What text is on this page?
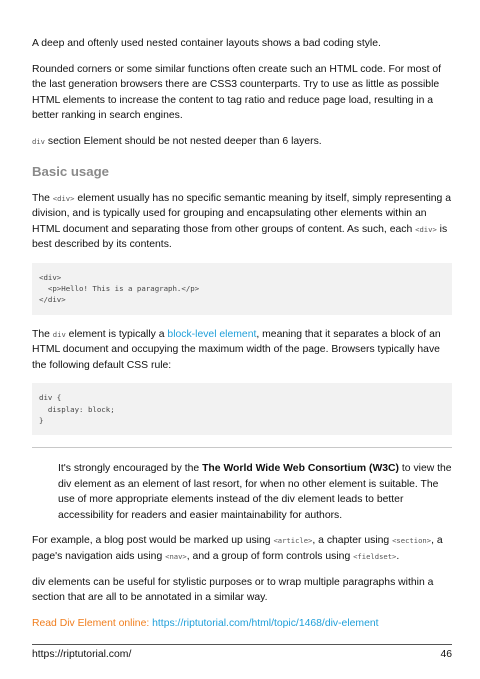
A deep and oftenly used nested container layouts shows a bad coding style.

Rounded corners or some similar functions often create such an HTML code. For most of the last generation browsers there are CSS3 counterparts. Try to use as little as possible HTML elements to increase the content to tag ratio and reduce page load, resulting in a better ranking in search engines.

div section Element should be not nested deeper than 6 layers.

Basic usage

The <div> element usually has no specific semantic meaning by itself, simply representing a division, and is typically used for grouping and encapsulating other elements within an HTML document and separating those from other groups of content. As such, each <div> is best described by its contents.

<div>
<p>Hello! This is a paragraph.</p>
</div>

The div element is typically a block-level element, meaning that it separates a block of an HTML document and occupying the maximum width of the page. Browsers typically have the following default CSS rule:

div {
display: block;
}
It's strongly encouraged by the The World Wide Web Consortium (W3C) to view the div element as an element of last resort, for when no other element is suitable. The use of more appropriate elements instead of the div element leads to better accessibility for readers and easier maintainability for authors.

For example, a blog post would be marked up using <article>, a chapter using <section>, a page's navigation aids using <nav>, and a group of form controls using <fieldset>.

div elements can be useful for stylistic purposes or to wrap multiple paragraphs within a section that are all to be annotated in a similar way.

Read Div Element online: https://riptutorial.com/html/topic/1468/div-element

https://riptutorial.com/	46
